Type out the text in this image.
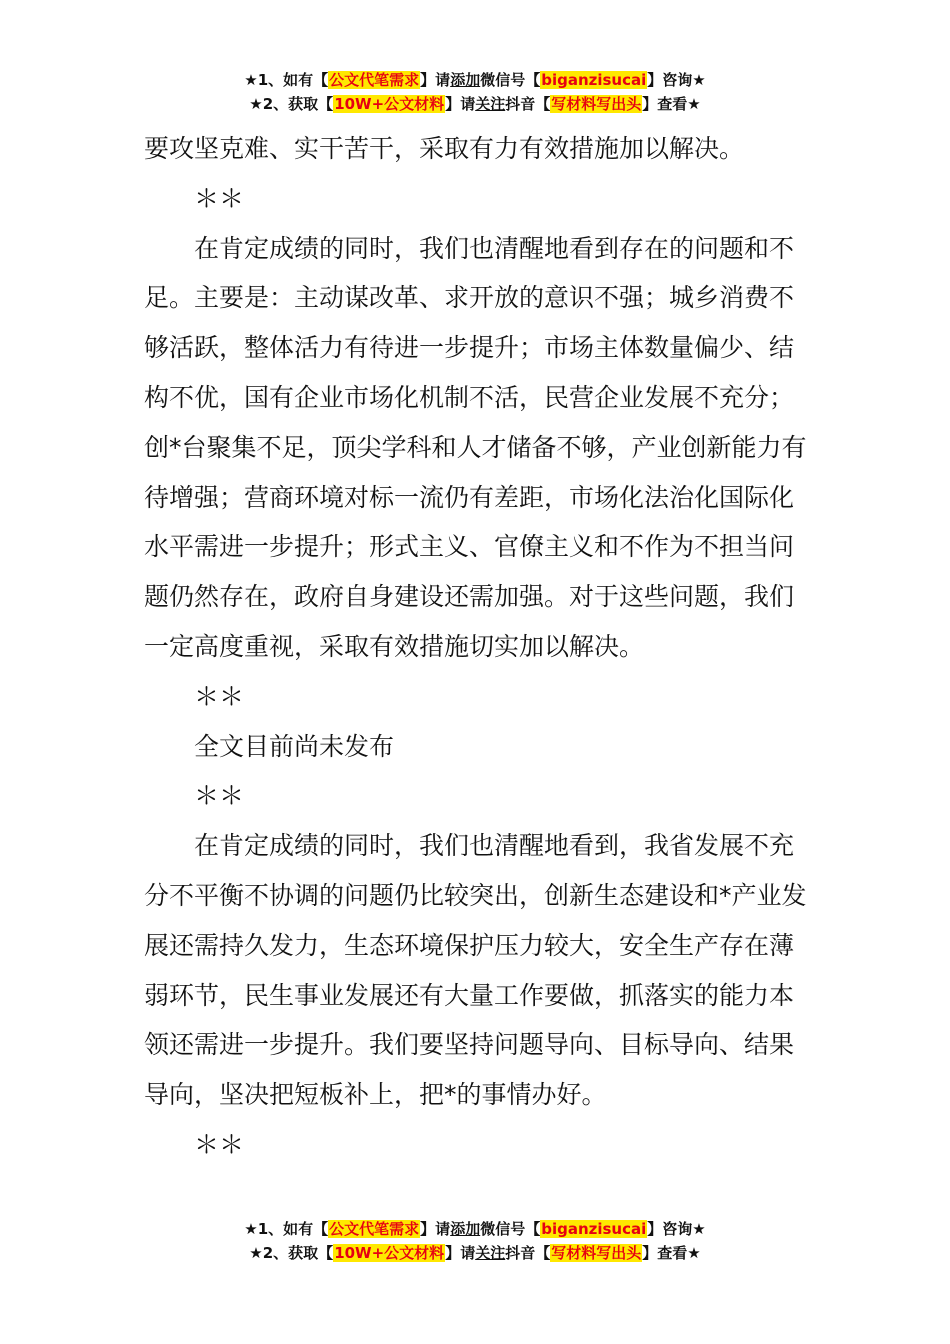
★1、如有【公文代笔需求】请添加微信号【biganzisucai】咨询★
★2、获取【10W+公文材料】请关注抖音【写材料写出头】查看★

要攻坚克难、实干苦干，采取有力有效措施加以解决。

＊＊

在肯定成绩的同时，我们也清醒地看到存在的问题和不足。主要是：主动谋改革、求开放的意识不强；城乡消费不够活跃，整体活力有待进一步提升；市场主体数量偏少、结构不优，国有企业市场化机制不活，民营企业发展不充分；创*台聚集不足，顶尖学科和人才储备不够，产业创新能力有待增强；营商环境对标一流仍有差距，市场化法治化国际化水平需进一步提升；形式主义、官僚主义和不作为不担当问题仍然存在，政府自身建设还需加强。对于这些问题，我们一定高度重视，采取有效措施切实加以解决。

＊＊

全文目前尚未发布

＊＊

在肯定成绩的同时，我们也清醒地看到，我省发展不充分不平衡不协调的问题仍比较突出，创新生态建设和*产业发展还需持久发力，生态环境保护压力较大，安全生产存在薄弱环节，民生事业发展还有大量工作要做，抓落实的能力本领还需进一步提升。我们要坚持问题导向、目标导向、结果导向，坚决把短板补上，把*的事情办好。

＊＊

★1、如有【公文代笔需求】请添加微信号【biganzisucai】咨询★
★2、获取【10W+公文材料】请关注抖音【写材料写出头】查看★
